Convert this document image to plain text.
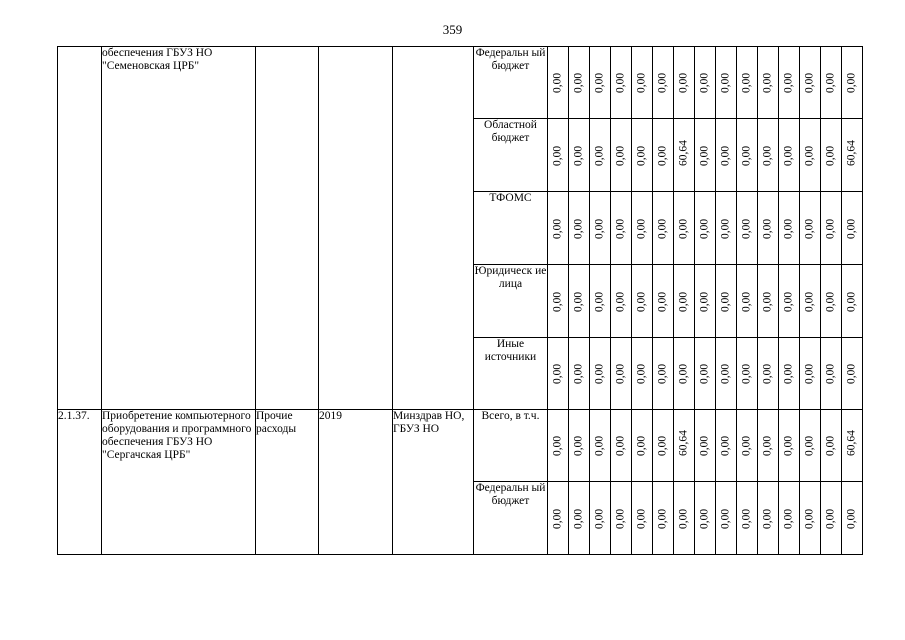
359
	обеспечения ГБУЗ НО "Семеновская ЦРБ"				Федеральн ый бюджет	0,00	0,00	0,00	0,00	0,00	0,00	0,00	0,00	0,00	0,00	0,00	0,00	0,00	0,00	0,00

					Областной бюджет	0,00	0,00	0,00	0,00	0,00	0,00	60,64	0,00	0,00	0,00	0,00	0,00	0,00	0,00	60,64

					ТФОМС	0,00	0,00	0,00	0,00	0,00	0,00	0,00	0,00	0,00	0,00	0,00	0,00	0,00	0,00	0,00

					Юридическ ие лица	0,00	0,00	0,00	0,00	0,00	0,00	0,00	0,00	0,00	0,00	0,00	0,00	0,00	0,00	0,00

					Иные источники	0,00	0,00	0,00	0,00	0,00	0,00	0,00	0,00	0,00	0,00	0,00	0,00	0,00	0,00	0,00

2.1.37.	Приобретение компьютерного оборудования и программного обеспечения ГБУЗ НО "Сергачская ЦРБ"	Прочие расходы	2019	Минздрав НО, ГБУЗ НО	Всего, в т.ч.	0,00	0,00	0,00	0,00	0,00	0,00	60,64	0,00	0,00	0,00	0,00	0,00	0,00	0,00	60,64

					Федеральн ый бюджет	0,00	0,00	0,00	0,00	0,00	0,00	0,00	0,00	0,00	0,00	0,00	0,00	0,00	0,00	0,00
